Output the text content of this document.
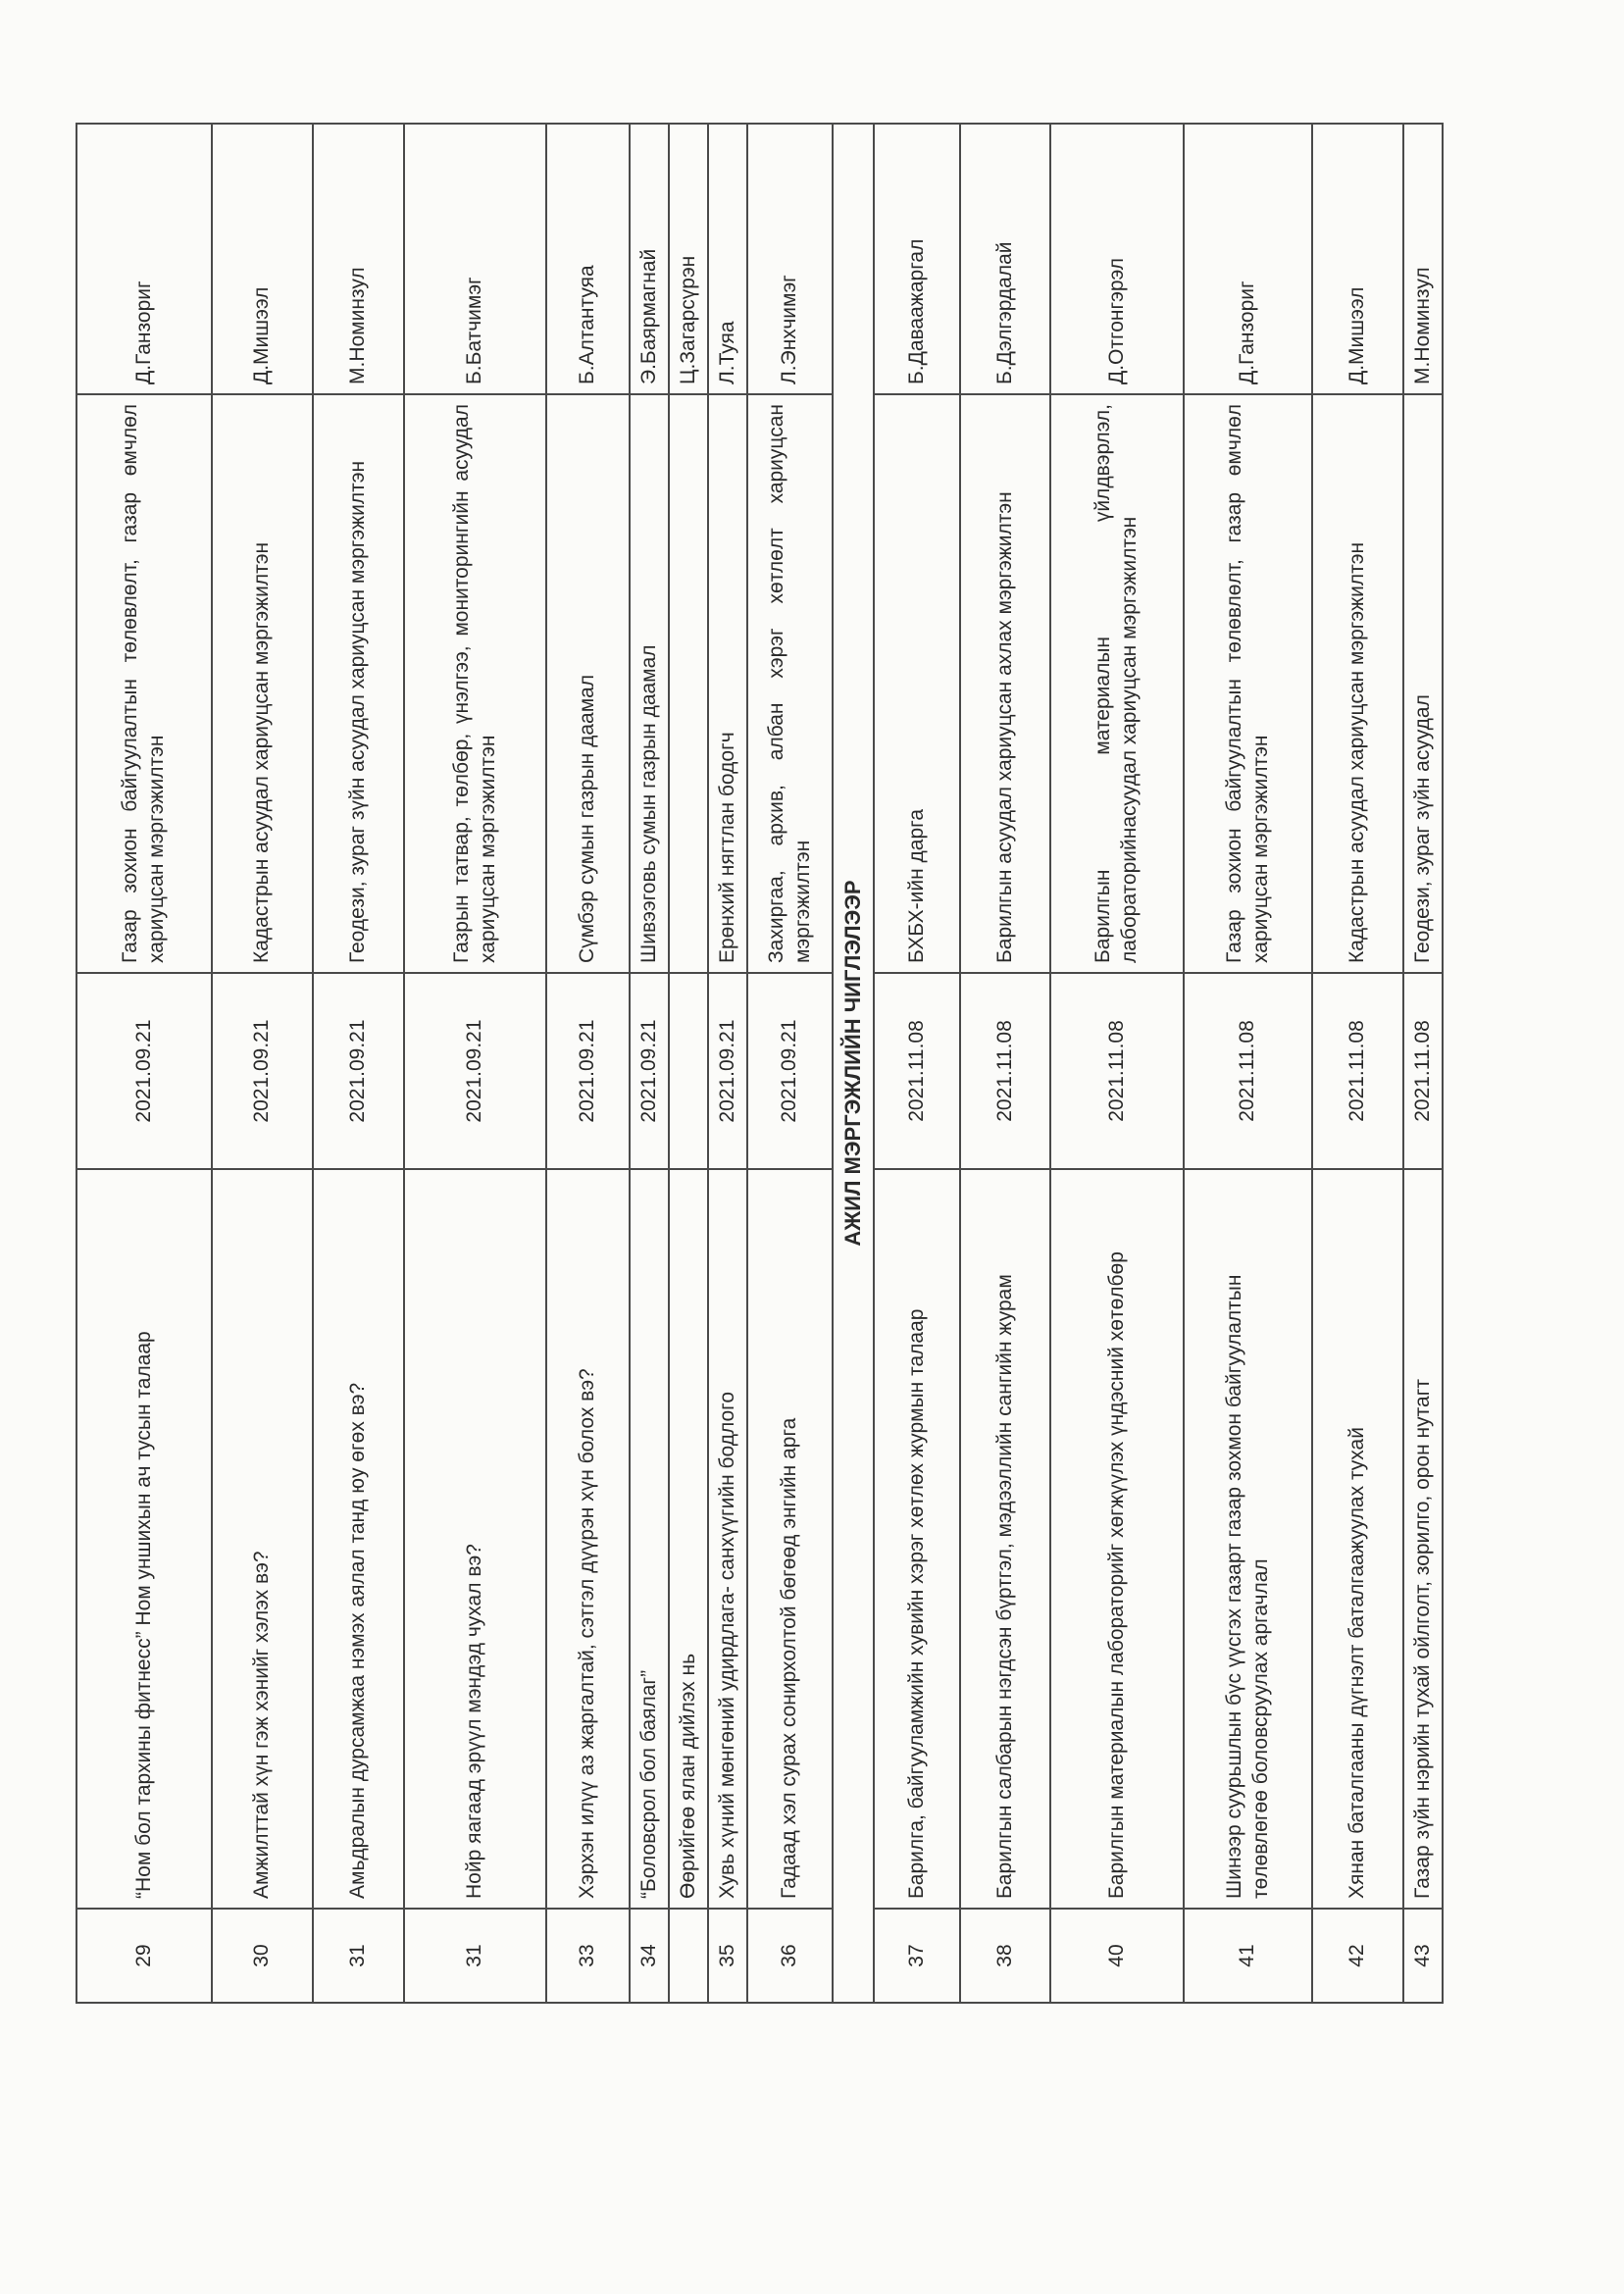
29	“Ном бол тархины фитнесс” Ном уншихын ач тусын талаар	2021.09.21	Газар зохион байгуулалтын төлөвлөлт, газар өмчлөл хариуцсан мэргэжилтэн	Д.Ганзориг
30	Амжилттай хүн гэж хэнийг хэлэх вэ?	2021.09.21	Кадастрын асуудал хариуцсан мэргэжилтэн	Д.Мишээл
31	Амьдралын дурсамжаа нэмэх аялал танд юу өгөх вэ?	2021.09.21	Геодези, зураг зүйн асуудал хариуцсан мэргэжилтэн	М.Номинзул
31	Нойр яагаад эрүүл мэндэд чухал вэ?	2021.09.21	Газрын татвар, төлбөр, үнэлгээ, мониторингийн асуудал хариуцсан мэргэжилтэн	Б.Батчимэг
33	Хэрхэн илүү аз жаргалтай, сэтгэл дүүрэн хүн болох вэ?	2021.09.21	Сүмбэр сумын газрын даамал	Б.Алтантуяа
34	“Боловсрол бол баялаг”	2021.09.21	Шивээговь сумын газрын даамал	Э.Баярмагнай
	Өөрийгөө ялан дийлэх нь			Ц.Загарсүрэн
35	Хувь хүний мөнгөний удирдлага- санхүүгийн бодлого	2021.09.21	Ерөнхий нягтлан бодогч	Л.Туяа
36	Гадаад хэл сурах сонирхолтой бөгөөд энгийн арга	2021.09.21	Захиргаа, архив, албан хэрэг хөтлөлт хариуцсан мэргэжилтэн	Л.Энхчимэг
АЖИЛ МЭРГЭЖЛИЙН ЧИГЛЭЛЭЭР				
37	Барилга, байгууламжийн хувийн хэрэг хөтлөх журмын талаар	2021.11.08	БХБХ-ийн дарга	Б.Даваажаргал
38	Барилгын салбарын нэгдсэн бүртгэл, мэдээллийн сангийн журам	2021.11.08	Барилгын асуудал хариуцсан ахлах мэргэжилтэн	Б.Дэлгэрдалай
40	Барилгын материалын лабораторийг хөгжүүлэх үндэсний хөтөлбөр	2021.11.08	Барилгын материалын үйлдвэрлэл, лабораторийнасуудал хариуцсан мэргэжилтэн	Д.Отгонгэрэл
41	Шинээр суурьшлын бүс үүсгэх газарт газар зохмон байгуулалтын төлөвлөгөө боловсруулах аргачлал	2021.11.08	Газар зохион байгуулалтын төлөвлөлт, газар өмчлөл хариуцсан мэргэжилтэн	Д.Ганзориг
42	Хянан баталгааны дүгнэлт баталгаажуулах тухай	2021.11.08	Кадастрын асуудал хариуцсан мэргэжилтэн	Д.Мишээл
43	Газар зүйн нэрийн тухай ойлголт, зорилго, орон нутагт	2021.11.08	Геодези, зураг зүйн асуудал	М.Номинзул
